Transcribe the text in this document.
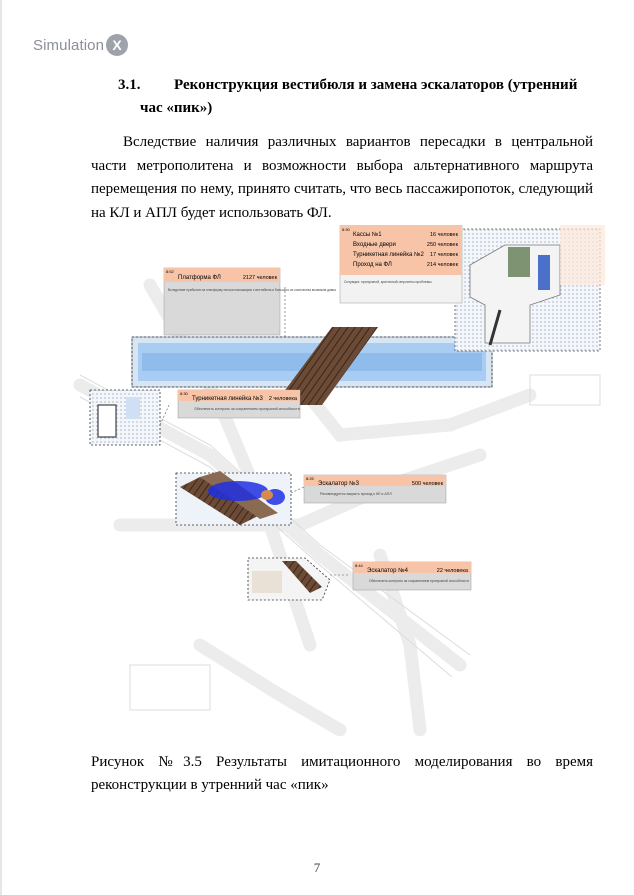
Simulation X
3.1. Реконструкция вестибюля и замена эскалаторов (утренний
час «пик»)

Вследствие наличия различных вариантов пересадки в центральной части метрополитена и возможности выбора альтернативного маршрута перемещения по нему, принято считать, что весь пассажиропоток, следующий на КЛ и АПЛ будет использовать ФЛ.

8:30
Кассы №1	16 человек
Входные двери	250 человек
Турникетная линейка №2 17 человек
Проход на ФЛ	214 человек
Ситуация: пропускной, критичный; вероятны проблемы
8:52
Платформа ФЛ	2127 человек
Вследствие прибытия на платформу потока пассажиров с вестибюля и большого их количества возможна давка
8:30
Турникетная линейка №3 2 человека
Обеспечить контроль за сохранением пропускной способности
8:25
Эскалатор №3	500 человек
Рекомендуется закрыть проход к КЛ и АПЛ
8:44
Эскалатор №4	22 человека
Обеспечить контроль за сохранением пропускной способности
Рисунок №3.5 Результаты имитационного моделирования во время реконструкции в утренний час «пик»
7
